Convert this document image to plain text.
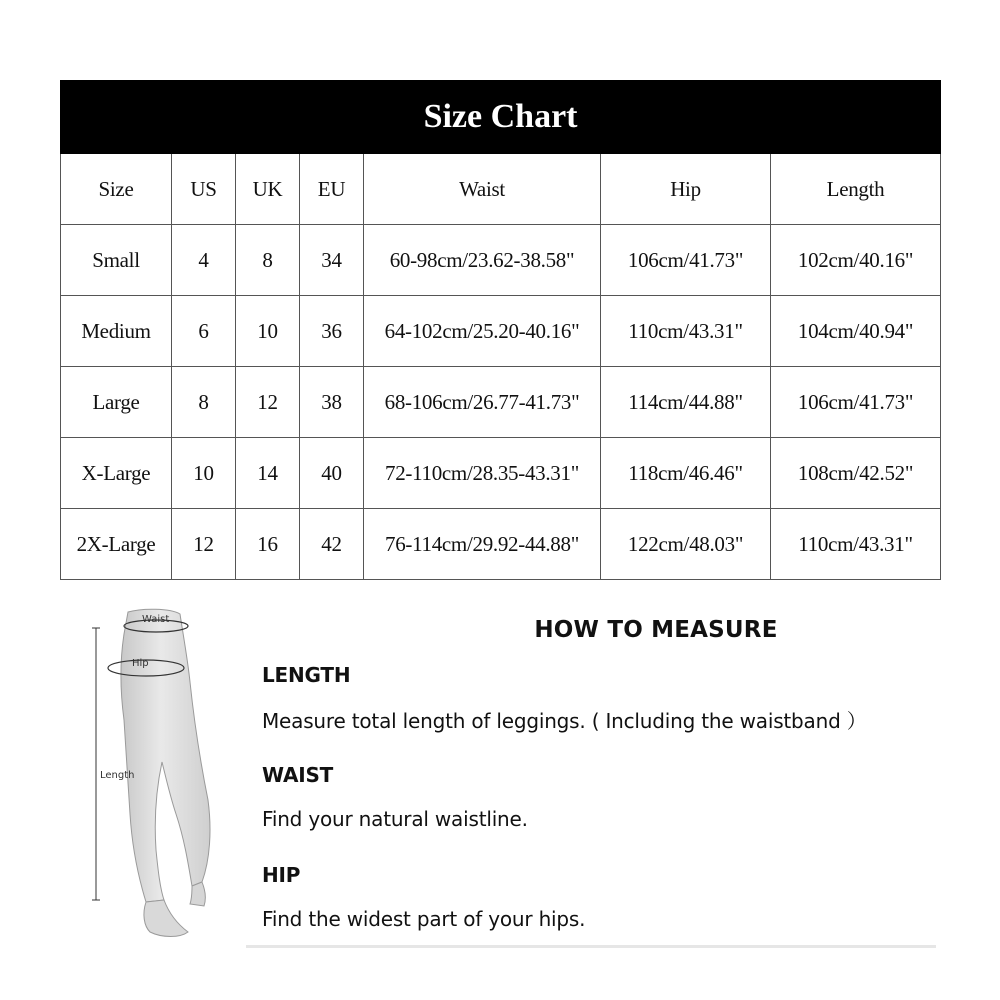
Size Chart						
Size	US	UK	EU	Waist	Hip	Length
Small	4	8	34	60-98cm/23.62-38.58"	106cm/41.73"	102cm/40.16"
Medium	6	10	36	64-102cm/25.20-40.16"	110cm/43.31"	104cm/40.94"
Large	8	12	38	68-106cm/26.77-41.73"	114cm/44.88"	106cm/41.73"
X-Large	10	14	40	72-110cm/28.35-43.31"	118cm/46.46"	108cm/42.52"
2X-Large	12	16	42	76-114cm/29.92-44.88"	122cm/48.03"	110cm/43.31"
Waist
Hip
Length
HOW TO MEASURE
LENGTH
Measure total length of leggings. ( Including the waistband ）
WAIST
Find your natural waistline.
HIP
Find the widest part of your hips.
